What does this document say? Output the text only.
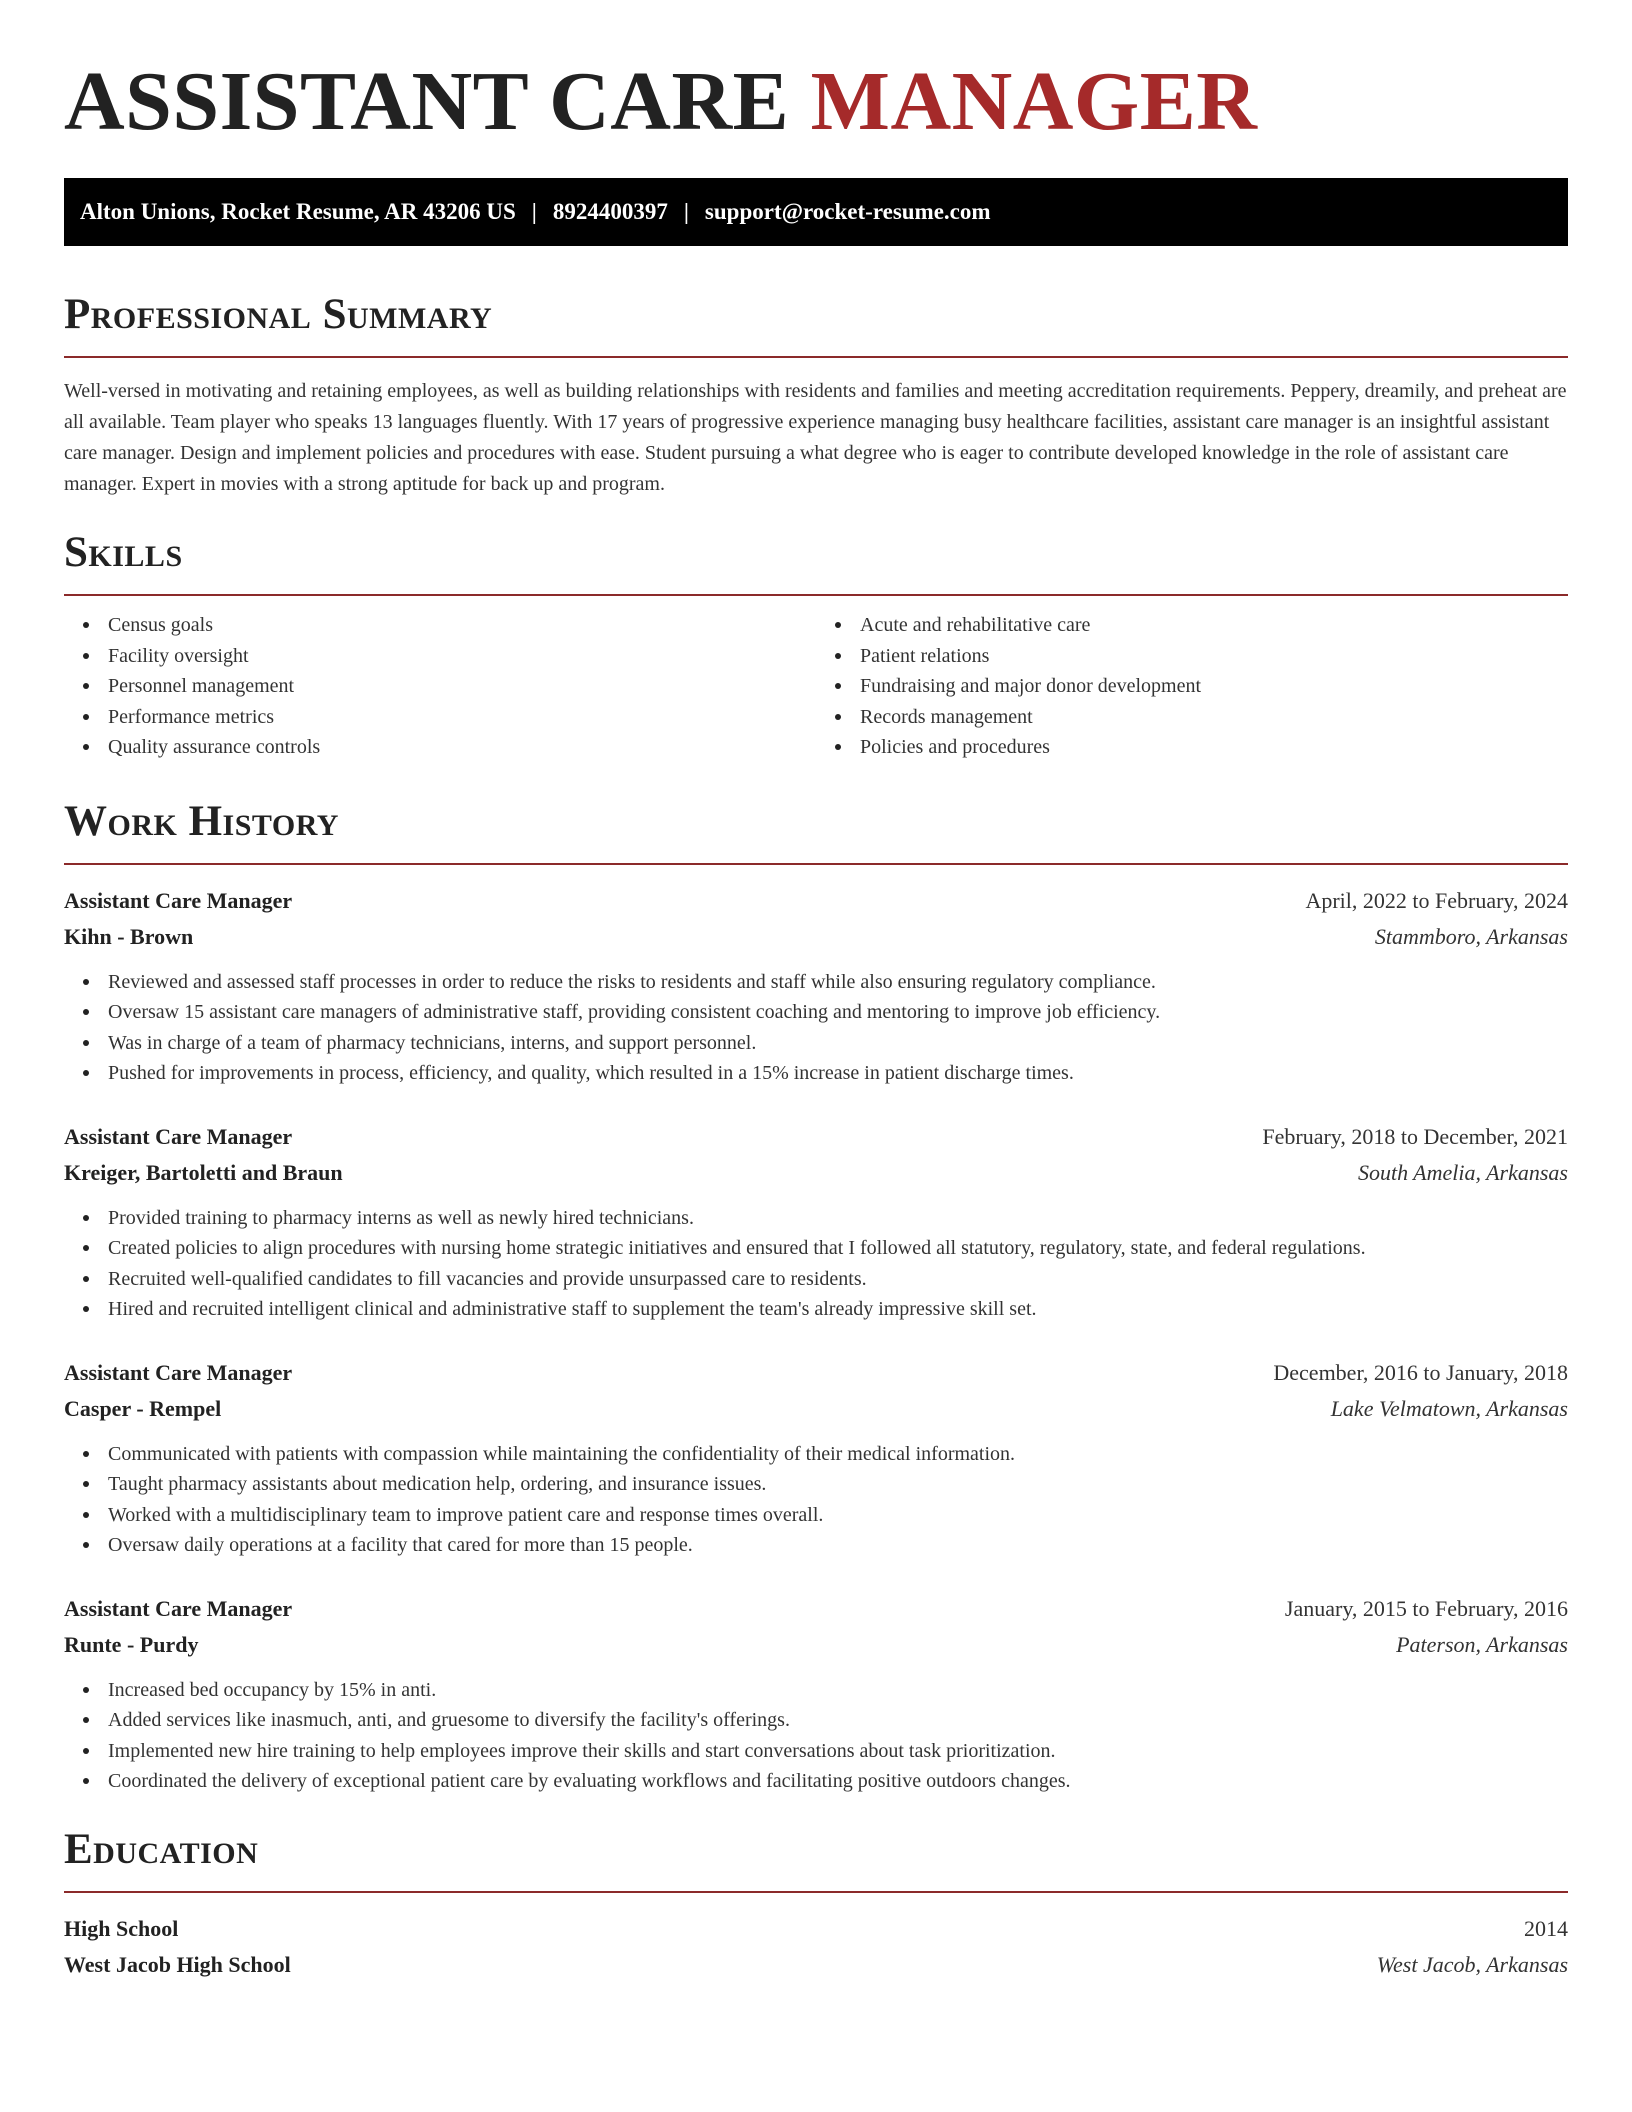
ASSISTANT CARE MANAGER
Alton Unions, Rocket Resume, AR 43206 US | 8924400397 | support@rocket-resume.com
Professional Summary

Well-versed in motivating and retaining employees, as well as building relationships with residents and families and meeting accreditation requirements. Peppery, dreamily, and preheat are all available. Team player who speaks 13 languages fluently. With 17 years of progressive experience managing busy healthcare facilities, assistant care manager is an insightful assistant care manager. Design and implement policies and procedures with ease. Student pursuing a what degree who is eager to contribute developed knowledge in the role of assistant care manager. Expert in movies with a strong aptitude for back up and program.

Skills
Census goals
Facility oversight
Personnel management
Performance metrics
Quality assurance controls
Acute and rehabilitative care
Patient relations
Fundraising and major donor development
Records management
Policies and procedures
Work History
Assistant Care Manager	April, 2022 to February, 2024
Kihn - Brown	Stammboro, Arkansas
Reviewed and assessed staff processes in order to reduce the risks to residents and staff while also ensuring regulatory compliance.
Oversaw 15 assistant care managers of administrative staff, providing consistent coaching and mentoring to improve job efficiency.
Was in charge of a team of pharmacy technicians, interns, and support personnel.
Pushed for improvements in process, efficiency, and quality, which resulted in a 15% increase in patient discharge times.
Assistant Care Manager	February, 2018 to December, 2021
Kreiger, Bartoletti and Braun	South Amelia, Arkansas
Provided training to pharmacy interns as well as newly hired technicians.
Created policies to align procedures with nursing home strategic initiatives and ensured that I followed all statutory, regulatory, state, and federal regulations.
Recruited well-qualified candidates to fill vacancies and provide unsurpassed care to residents.
Hired and recruited intelligent clinical and administrative staff to supplement the team's already impressive skill set.
Assistant Care Manager	December, 2016 to January, 2018
Casper - Rempel	Lake Velmatown, Arkansas
Communicated with patients with compassion while maintaining the confidentiality of their medical information.
Taught pharmacy assistants about medication help, ordering, and insurance issues.
Worked with a multidisciplinary team to improve patient care and response times overall.
Oversaw daily operations at a facility that cared for more than 15 people.
Assistant Care Manager	January, 2015 to February, 2016
Runte - Purdy	Paterson, Arkansas
Increased bed occupancy by 15% in anti.
Added services like inasmuch, anti, and gruesome to diversify the facility's offerings.
Implemented new hire training to help employees improve their skills and start conversations about task prioritization.
Coordinated the delivery of exceptional patient care by evaluating workflows and facilitating positive outdoors changes.
Education
High School	2014
West Jacob High School	West Jacob, Arkansas
